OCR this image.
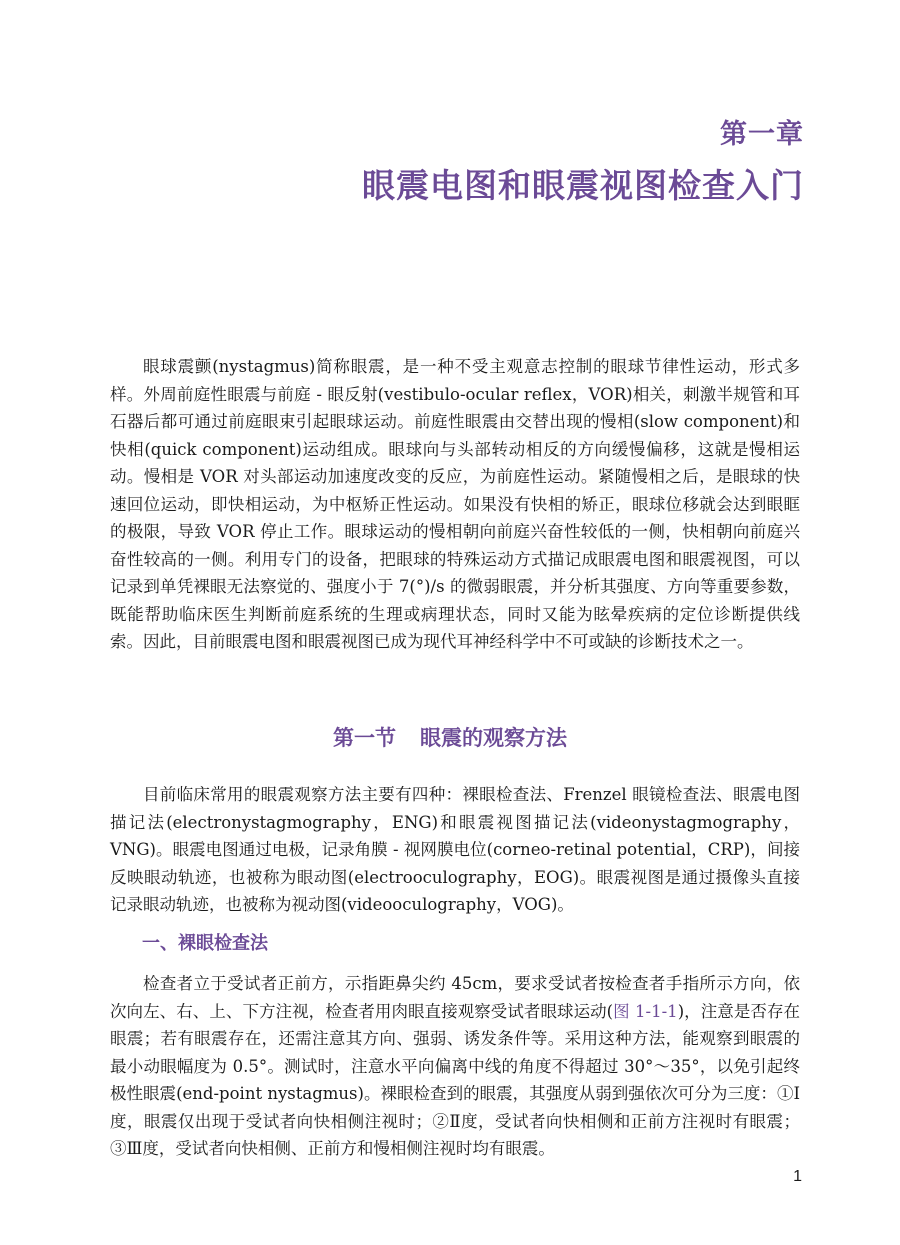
第一章
眼震电图和眼震视图检查入门

眼球震颤(nystagmus)简称眼震，是一种不受主观意志控制的眼球节律性运动，形式多样。外周前庭性眼震与前庭 - 眼反射(vestibulo-ocular reflex，VOR)相关，刺激半规管和耳石器后都可通过前庭眼束引起眼球运动。前庭性眼震由交替出现的慢相(slow component)和快相(quick component)运动组成。眼球向与头部转动相反的方向缓慢偏移，这就是慢相运动。慢相是 VOR 对头部运动加速度改变的反应，为前庭性运动。紧随慢相之后，是眼球的快速回位运动，即快相运动，为中枢矫正性运动。如果没有快相的矫正，眼球位移就会达到眼眶的极限，导致 VOR 停止工作。眼球运动的慢相朝向前庭兴奋性较低的一侧，快相朝向前庭兴奋性较高的一侧。利用专门的设备，把眼球的特殊运动方式描记成眼震电图和眼震视图，可以记录到单凭裸眼无法察觉的、强度小于 7(°)/s 的微弱眼震，并分析其强度、方向等重要参数，既能帮助临床医生判断前庭系统的生理或病理状态，同时又能为眩晕疾病的定位诊断提供线索。因此，目前眼震电图和眼震视图已成为现代耳神经科学中不可或缺的诊断技术之一。

第一节 眼震的观察方法

目前临床常用的眼震观察方法主要有四种：裸眼检查法、Frenzel 眼镜检查法、眼震电图描记法(electronystagmography，ENG)和眼震视图描记法(videonystagmography，VNG)。眼震电图通过电极，记录角膜 - 视网膜电位(corneo-retinal potential，CRP)，间接反映眼动轨迹，也被称为眼动图(electrooculography，EOG)。眼震视图是通过摄像头直接记录眼动轨迹，也被称为视动图(videooculography，VOG)。

一、裸眼检查法

检查者立于受试者正前方，示指距鼻尖约 45cm，要求受试者按检查者手指所示方向，依次向左、右、上、下方注视，检查者用肉眼直接观察受试者眼球运动(图 1-1-1)，注意是否存在眼震；若有眼震存在，还需注意其方向、强弱、诱发条件等。采用这种方法，能观察到眼震的最小动眼幅度为 0.5°。测试时，注意水平向偏离中线的角度不得超过 30°～35°，以免引起终极性眼震(end-point nystagmus)。裸眼检查到的眼震，其强度从弱到强依次可分为三度：①Ⅰ度，眼震仅出现于受试者向快相侧注视时；②Ⅱ度，受试者向快相侧和正前方注视时有眼震；③Ⅲ度，受试者向快相侧、正前方和慢相侧注视时均有眼震。

1
